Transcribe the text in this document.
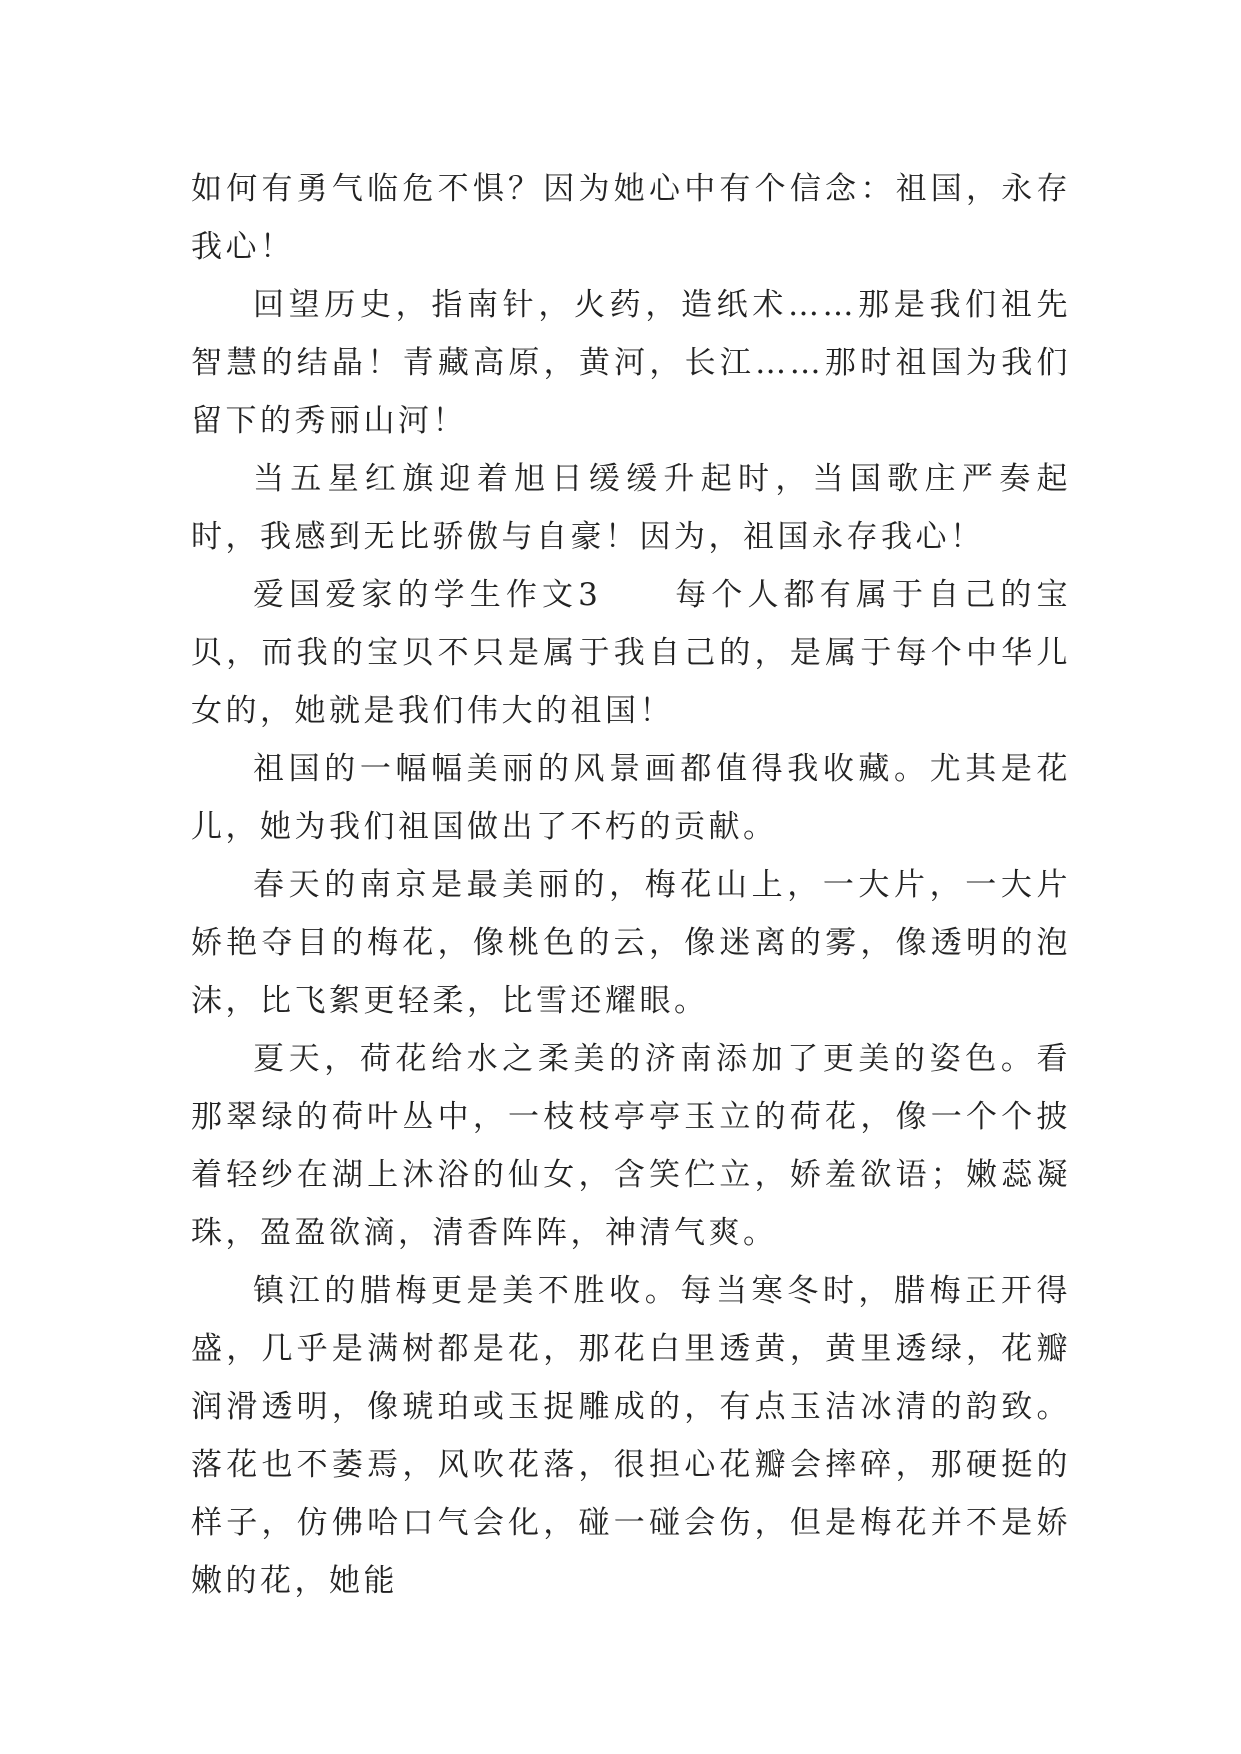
如何有勇气临危不惧？因为她心中有个信念：祖国，永存我心！

回望历史，指南针，火药，造纸术……那是我们祖先智慧的结晶！青藏高原，黄河，长江……那时祖国为我们留下的秀丽山河！

当五星红旗迎着旭日缓缓升起时，当国歌庄严奏起时，我感到无比骄傲与自豪！因为，祖国永存我心！

爱国爱家的学生作文3　　每个人都有属于自己的宝贝，而我的宝贝不只是属于我自己的，是属于每个中华儿女的，她就是我们伟大的祖国！

祖国的一幅幅美丽的风景画都值得我收藏。尤其是花儿，她为我们祖国做出了不朽的贡献。

春天的南京是最美丽的，梅花山上，一大片，一大片娇艳夺目的梅花，像桃色的云，像迷离的雾，像透明的泡沫，比飞絮更轻柔，比雪还耀眼。

夏天，荷花给水之柔美的济南添加了更美的姿色。看那翠绿的荷叶丛中，一枝枝亭亭玉立的荷花，像一个个披着轻纱在湖上沐浴的仙女，含笑伫立，娇羞欲语；嫩蕊凝珠，盈盈欲滴，清香阵阵，神清气爽。

镇江的腊梅更是美不胜收。每当寒冬时，腊梅正开得盛，几乎是满树都是花，那花白里透黄，黄里透绿，花瓣润滑透明，像琥珀或玉捉雕成的，有点玉洁冰清的韵致。落花也不萎焉，风吹花落，很担心花瓣会摔碎，那硬挺的样子，仿佛哈口气会化，碰一碰会伤，但是梅花并不是娇嫩的花，她能
